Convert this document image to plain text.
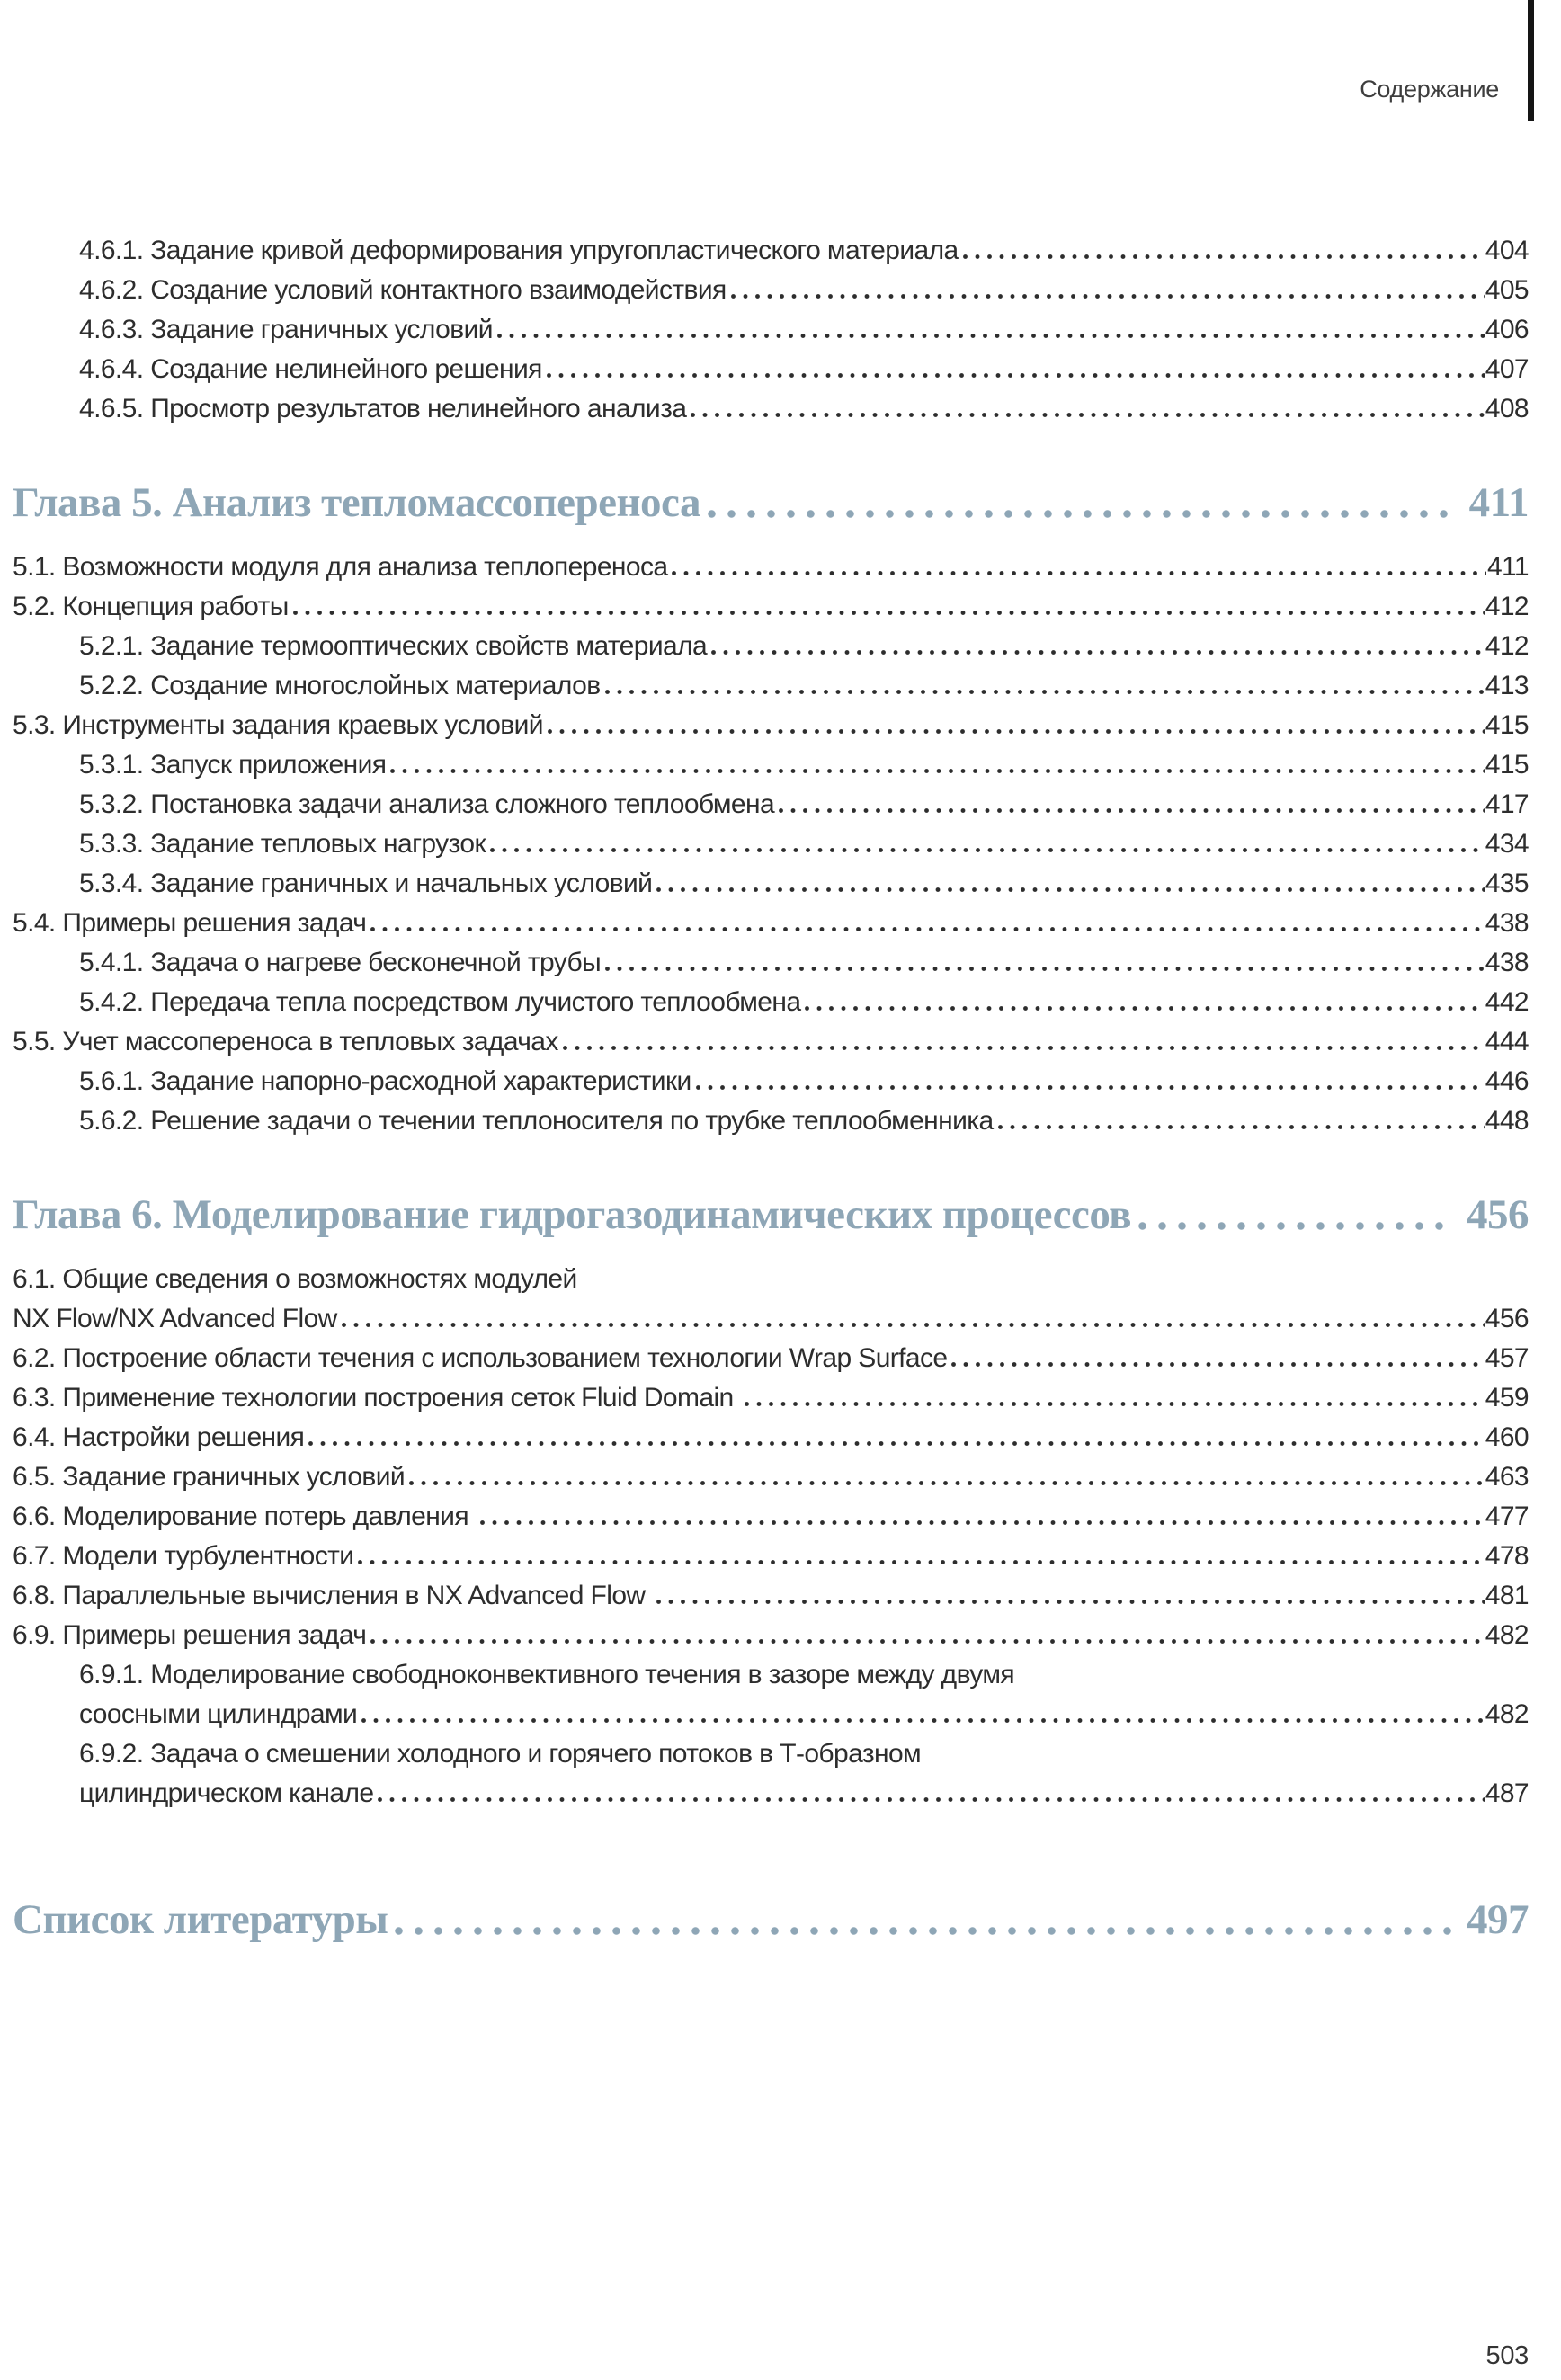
Содержание
4.6.1. Задание кривой деформирования упругопластического материала	404
4.6.2. Создание условий контактного взаимодействия	405
4.6.3. Задание граничных условий	406
4.6.4. Создание нелинейного решения	407
4.6.5. Просмотр результатов нелинейного анализа	408
Глава 5. Анализ тепломассопереноса	411
5.1. Возможности модуля для анализа теплопереноса	411
5.2. Концепция работы	412
5.2.1. Задание термооптических свойств материала	412
5.2.2. Создание многослойных материалов	413
5.3. Инструменты задания краевых условий	415
5.3.1. Запуск приложения	415
5.3.2. Постановка задачи анализа сложного теплообмена	417
5.3.3. Задание тепловых нагрузок	434
5.3.4. Задание граничных и начальных условий	435
5.4. Примеры решения задач	438
5.4.1. Задача о нагреве бесконечной трубы	438
5.4.2. Передача тепла посредством лучистого теплообмена	442
5.5. Учет массопереноса в тепловых задачах	444
5.6.1. Задание напорно-расходной характеристики	446
5.6.2. Решение задачи о течении теплоносителя по трубке теплообменника	448
Глава 6. Моделирование гидрогазодинамических процессов	456
6.1. Общие сведения о возможностях модулей
NX Flow/NX Advanced Flow	456
6.2. Построение области течения с использованием технологии Wrap Surface	457
6.3. Применение технологии построения сеток Fluid Domain	459
6.4. Настройки решения	460
6.5. Задание граничных условий	463
6.6. Моделирование потерь давления	477
6.7. Модели турбулентности	478
6.8. Параллельные вычисления в NX Advanced Flow	481
6.9. Примеры решения задач	482
6.9.1. Моделирование свободноконвективного течения в зазоре между двумя
соосными цилиндрами	482
6.9.2. Задача о смешении холодного и горячего потоков в Т-образном
цилиндрическом канале	487
Список литературы	497
503
